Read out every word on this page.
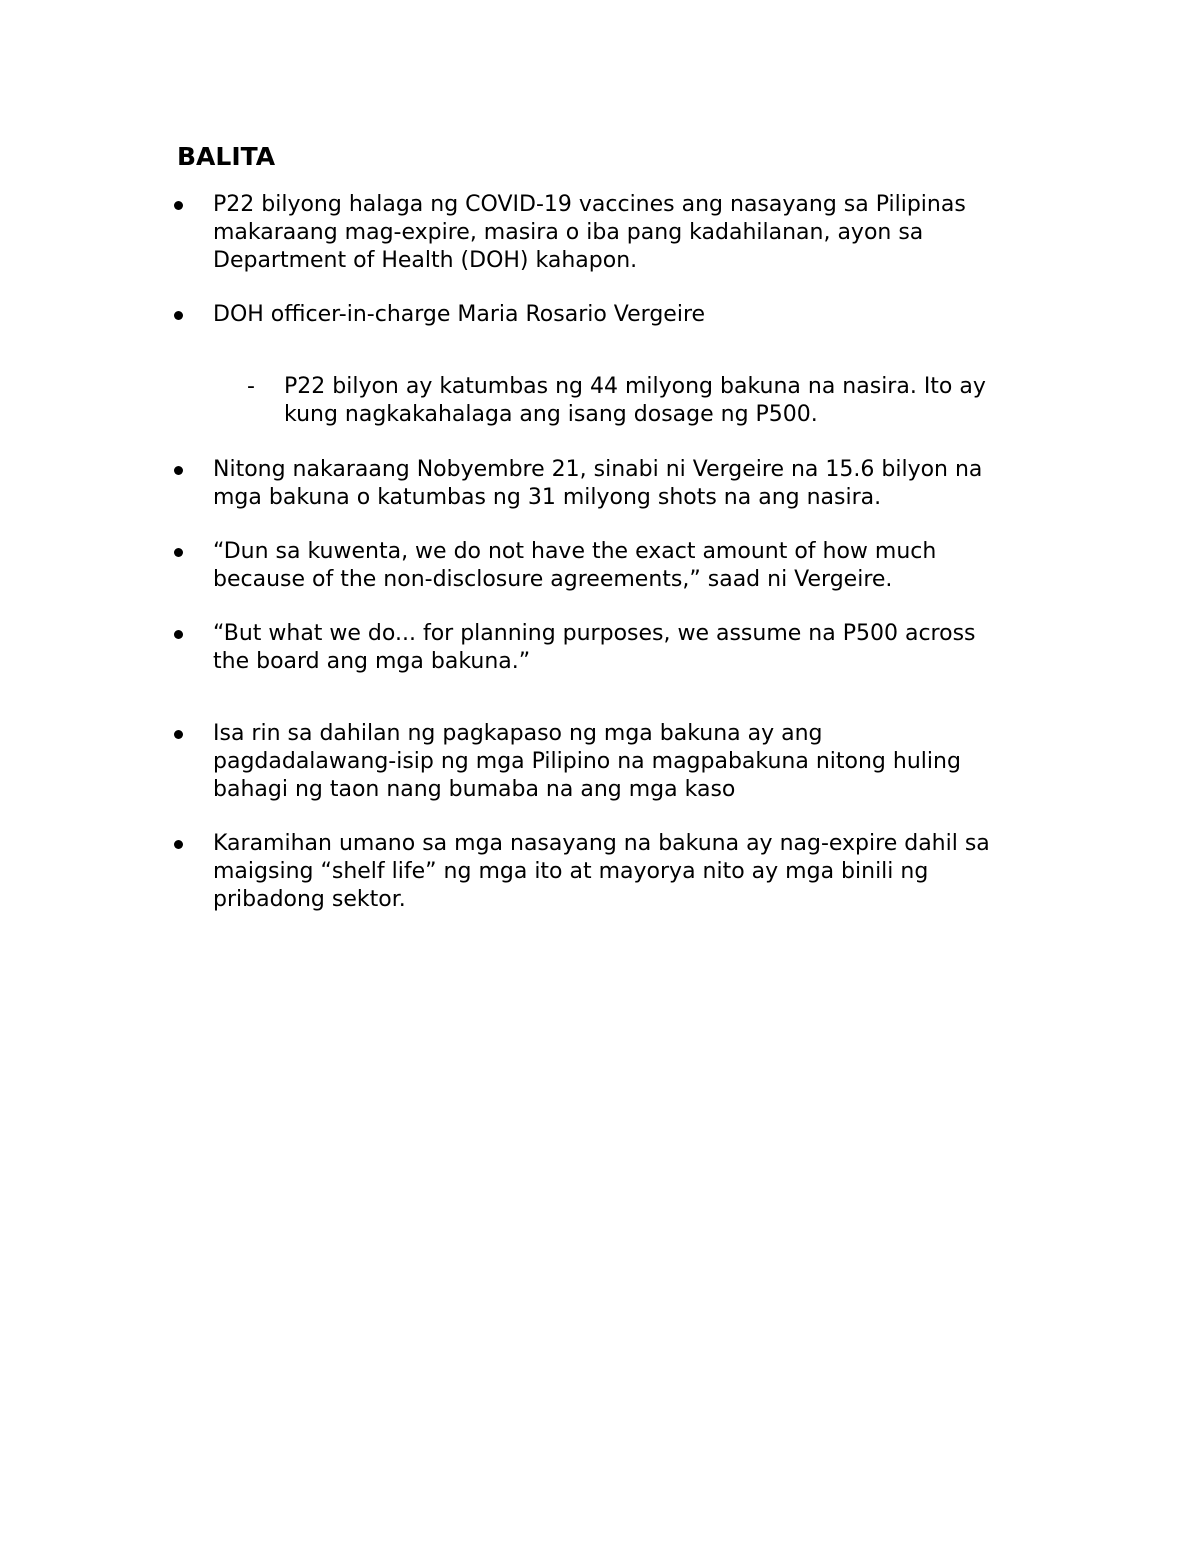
BALITA
P22 bilyong halaga ng COVID-19 vaccines ang nasayang sa Pilipinas
makaraang mag-expire, masira o iba pang kadahilanan, ayon sa
Department of Health (DOH) kahapon.
DOH officer-in-charge Maria Rosario Vergeire
- P22 bilyon ay katumbas ng 44 milyong bakuna na nasira. Ito ay
kung nagkakahalaga ang isang dosage ng P500.
Nitong nakaraang Nobyembre 21, sinabi ni Vergeire na 15.6 bilyon na
mga bakuna o katumbas ng 31 milyong shots na ang nasira.
“Dun sa kuwenta, we do not have the exact amount of how much
because of the non-disclosure agreements,” saad ni Vergeire.
“But what we do... for planning purposes, we assume na P500 across
the board ang mga bakuna.”
Isa rin sa dahilan ng pagkapaso ng mga bakuna ay ang
pagdadalawang-isip ng mga Pilipino na magpabakuna nitong huling
bahagi ng taon nang bumaba na ang mga kaso
Karamihan umano sa mga nasayang na bakuna ay nag-expire dahil sa
maigsing “shelf life” ng mga ito at mayorya nito ay mga binili ng
pribadong sektor.
